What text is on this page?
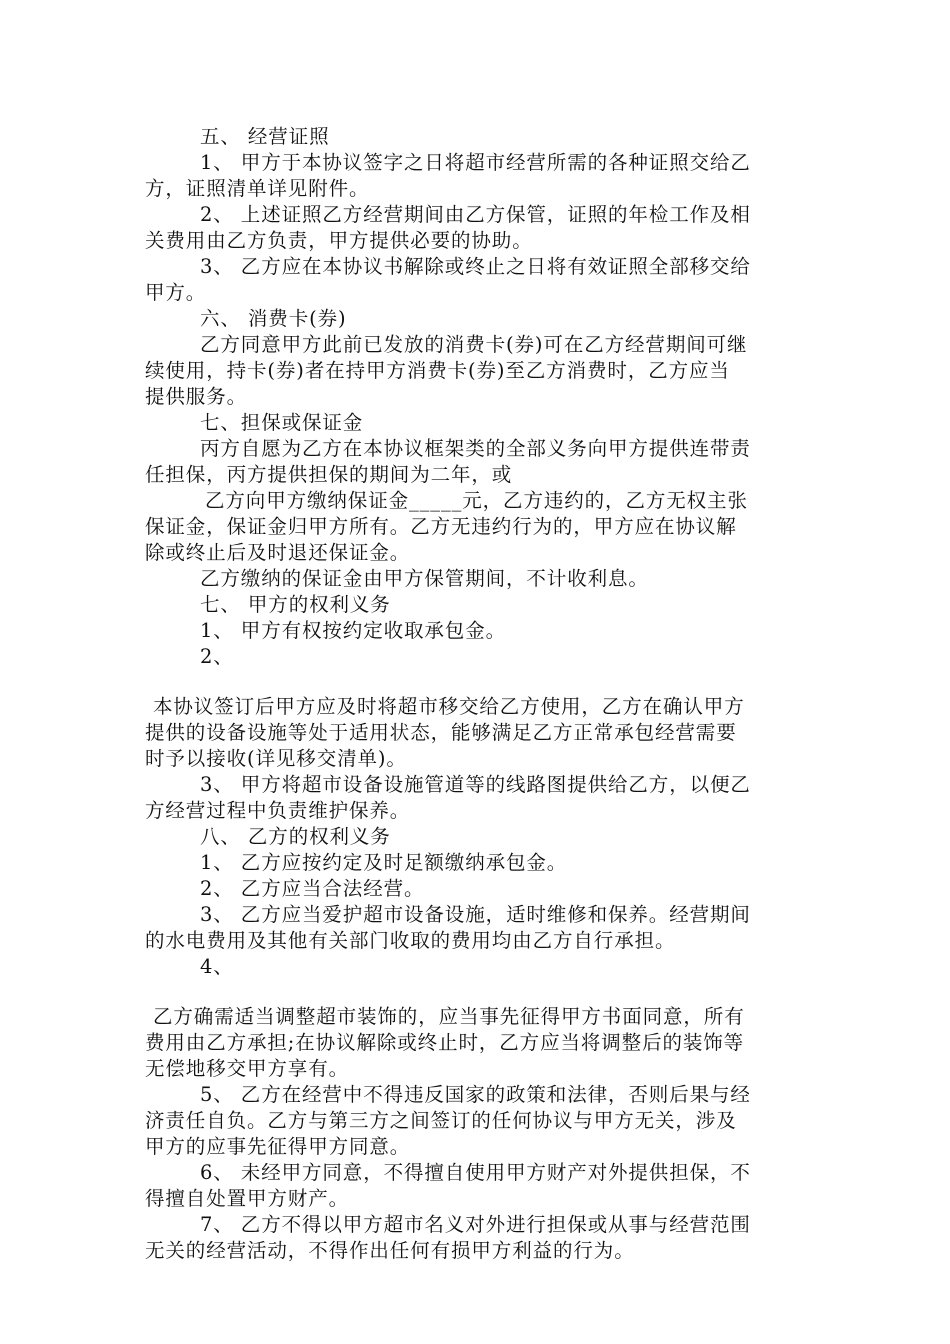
五、 经营证照
1、 甲方于本协议签字之日将超市经营所需的各种证照交给乙
方，证照清单详见附件。
2、 上述证照乙方经营期间由乙方保管，证照的年检工作及相
关费用由乙方负责，甲方提供必要的协助。
3、 乙方应在本协议书解除或终止之日将有效证照全部移交给
甲方。
六、 消费卡(券)
乙方同意甲方此前已发放的消费卡(券)可在乙方经营期间可继
续使用，持卡(券)者在持甲方消费卡(券)至乙方消费时，乙方应当
提供服务。
七、担保或保证金
丙方自愿为乙方在本协议框架类的全部义务向甲方提供连带责
任担保，丙方提供担保的期间为二年，或
乙方向甲方缴纳保证金_____元，乙方违约的，乙方无权主张
保证金，保证金归甲方所有。乙方无违约行为的，甲方应在协议解
除或终止后及时退还保证金。
乙方缴纳的保证金由甲方保管期间，不计收利息。
七、 甲方的权利义务
1、 甲方有权按约定收取承包金。
2、
本协议签订后甲方应及时将超市移交给乙方使用，乙方在确认甲方
提供的设备设施等处于适用状态，能够满足乙方正常承包经营需要
时予以接收(详见移交清单)。
3、 甲方将超市设备设施管道等的线路图提供给乙方，以便乙
方经营过程中负责维护保养。
八、 乙方的权利义务
1、 乙方应按约定及时足额缴纳承包金。
2、 乙方应当合法经营。
3、 乙方应当爱护超市设备设施，适时维修和保养。经营期间
的水电费用及其他有关部门收取的费用均由乙方自行承担。
4、
乙方确需适当调整超市装饰的，应当事先征得甲方书面同意，所有
费用由乙方承担;在协议解除或终止时，乙方应当将调整后的装饰等
无偿地移交甲方享有。
5、 乙方在经营中不得违反国家的政策和法律，否则后果与经
济责任自负。乙方与第三方之间签订的任何协议与甲方无关，涉及
甲方的应事先征得甲方同意。
6、 未经甲方同意，不得擅自使用甲方财产对外提供担保，不
得擅自处置甲方财产。
7、 乙方不得以甲方超市名义对外进行担保或从事与经营范围
无关的经营活动，不得作出任何有损甲方利益的行为。
